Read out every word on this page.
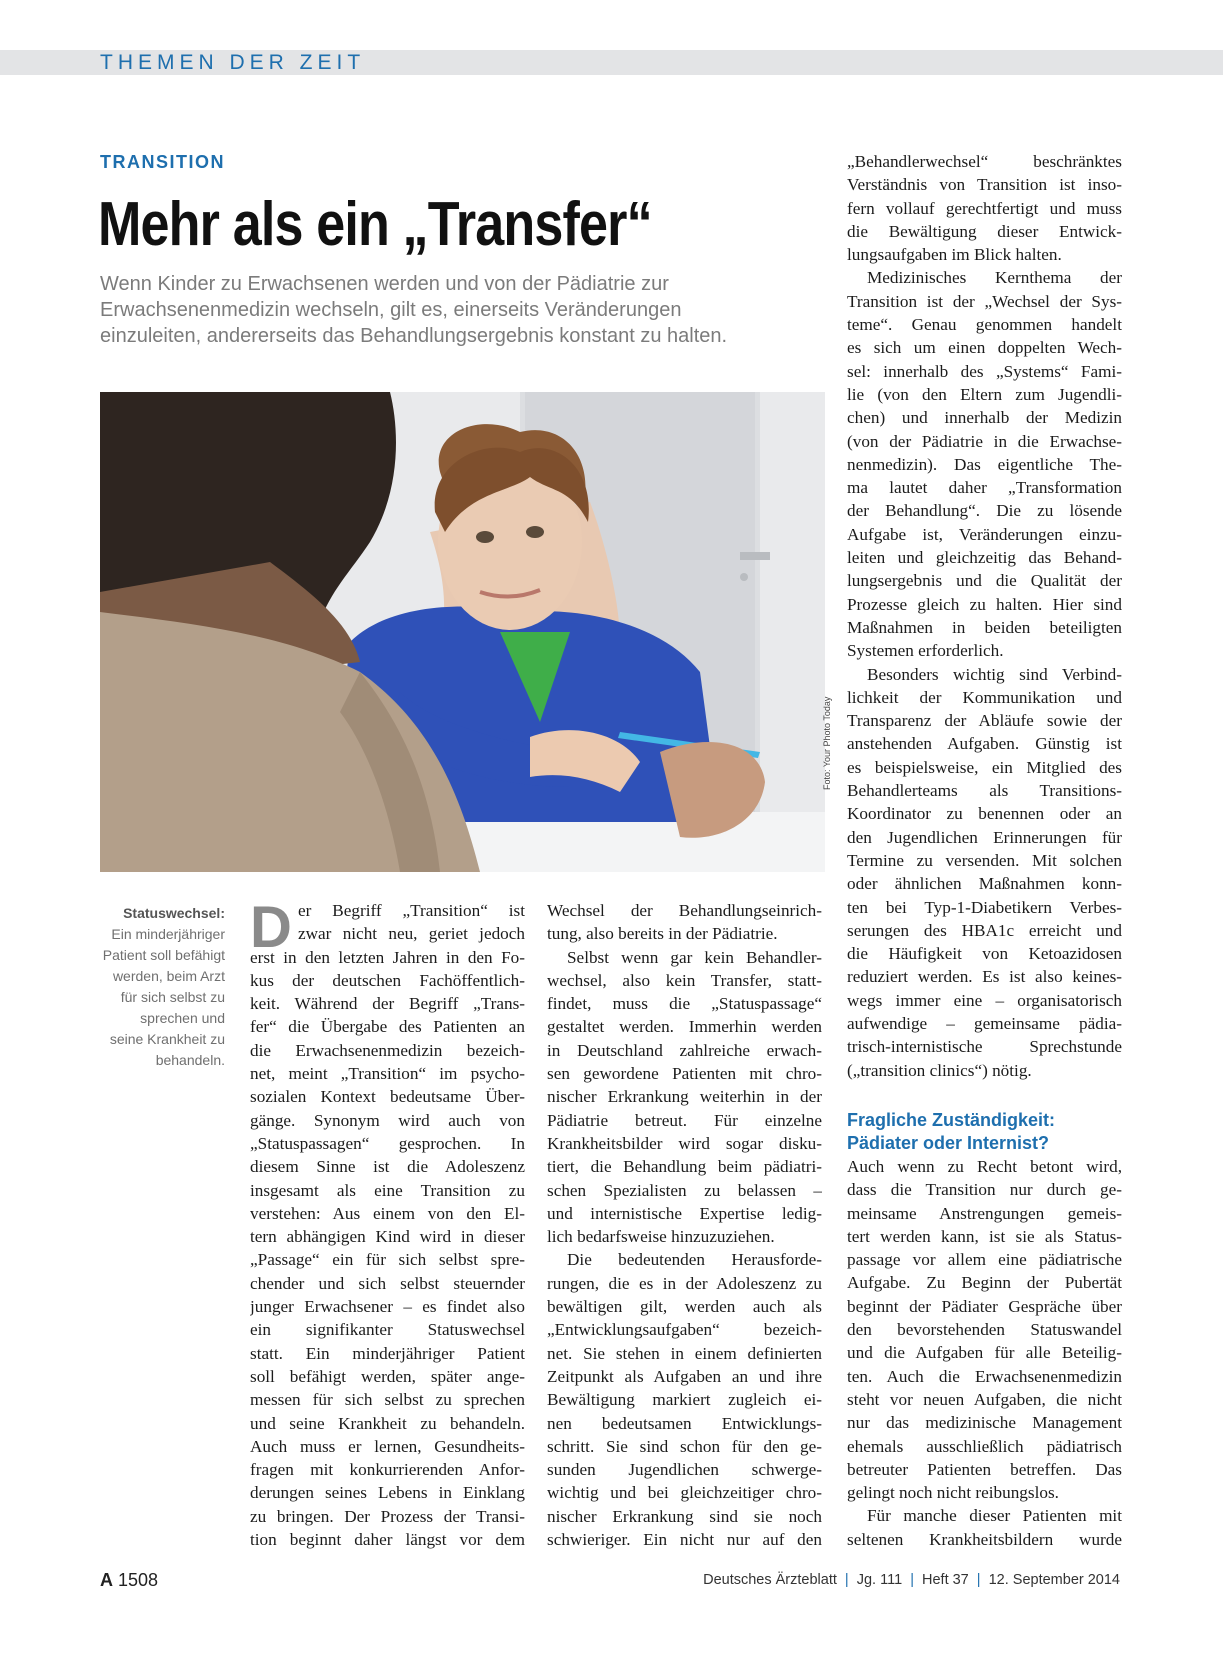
THEMEN DER ZEIT
TRANSITION
Mehr als ein „Transfer“

Wenn Kinder zu Erwachsenen werden und von der Pädiatrie zur
Erwachsenenmedizin wechseln, gilt es, einerseits Veränderungen
einzuleiten, andererseits das Behandlungsergebnis konstant zu halten.

Foto: Your Photo Today
Statuswechsel:
Ein minderjähriger
Patient soll befähigt
werden, beim Arzt
für sich selbst zu
sprechen und
seine Krankheit zu
behandeln.
D er Begriff „Transition“ ist
zwar nicht neu, geriet jedoch
erst in den letzten Jahren in den Fo-
kus der deutschen Fachöffentlich-
keit. Während der Begriff „Trans-
fer“ die Übergabe des Patienten an
die Erwachsenenmedizin bezeich-
net, meint „Transition“ im psycho-
sozialen Kontext bedeutsame Über-
gänge. Synonym wird auch von
„Statuspassagen“ gesprochen. In
diesem Sinne ist die Adoleszenz
insgesamt als eine Transition zu
verstehen: Aus einem von den El-
tern abhängigen Kind wird in dieser
„Passage“ ein für sich selbst spre-
chender und sich selbst steuernder
junger Erwachsener – es findet also
ein signifikanter Statuswechsel
statt. Ein minderjähriger Patient
soll befähigt werden, später ange-
messen für sich selbst zu sprechen
und seine Krankheit zu behandeln.
Auch muss er lernen, Gesundheits-
fragen mit konkurrierenden Anfor-
derungen seines Lebens in Einklang
zu bringen. Der Prozess der Transi-
tion beginnt daher längst vor dem
Wechsel der Behandlungseinrich-
tung, also bereits in der Pädiatrie.
Selbst wenn gar kein Behandler-
wechsel, also kein Transfer, statt-
findet, muss die „Statuspassage“
gestaltet werden. Immerhin werden
in Deutschland zahlreiche erwach-
sen gewordene Patienten mit chro-
nischer Erkrankung weiterhin in der
Pädiatrie betreut. Für einzelne
Krankheitsbilder wird sogar disku-
tiert, die Behandlung beim pädiatri-
schen Spezialisten zu belassen –
und internistische Expertise ledig-
lich bedarfsweise hinzuzuziehen.
Die bedeutenden Herausforde-
rungen, die es in der Adoleszenz zu
bewältigen gilt, werden auch als
„Entwicklungsaufgaben“ bezeich-
net. Sie stehen in einem definierten
Zeitpunkt als Aufgaben an und ihre
Bewältigung markiert zugleich ei-
nen bedeutsamen Entwicklungs-
schritt. Sie sind schon für den ge-
sunden Jugendlichen schwerge-
wichtig und bei gleichzeitiger chro-
nischer Erkrankung sind sie noch
schwieriger. Ein nicht nur auf den
„Behandlerwechsel“ beschränktes
Verständnis von Transition ist inso-
fern vollauf gerechtfertigt und muss
die Bewältigung dieser Entwick-
lungsaufgaben im Blick halten.
Medizinisches Kernthema der
Transition ist der „Wechsel der Sys-
teme“. Genau genommen handelt
es sich um einen doppelten Wech-
sel: innerhalb des „Systems“ Fami-
lie (von den Eltern zum Jugendli-
chen) und innerhalb der Medizin
(von der Pädiatrie in die Erwachse-
nenmedizin). Das eigentliche The-
ma lautet daher „Transformation
der Behandlung“. Die zu lösende
Aufgabe ist, Veränderungen einzu-
leiten und gleichzeitig das Behand-
lungsergebnis und die Qualität der
Prozesse gleich zu halten. Hier sind
Maßnahmen in beiden beteiligten
Systemen erforderlich.
Besonders wichtig sind Verbind-
lichkeit der Kommunikation und
Transparenz der Abläufe sowie der
anstehenden Aufgaben. Günstig ist
es beispielsweise, ein Mitglied des
Behandlerteams als Transitions-
Koordinator zu benennen oder an
den Jugendlichen Erinnerungen für
Termine zu versenden. Mit solchen
oder ähnlichen Maßnahmen konn-
ten bei Typ-1-Diabetikern Verbes-
serungen des HBA1c erreicht und
die Häufigkeit von Ketoazidosen
reduziert werden. Es ist also keines-
wegs immer eine – organisatorisch
aufwendige – gemeinsame pädia-
trisch-internistische Sprechstunde
(„transition clinics“) nötig.
Fragliche Zuständigkeit:
Pädiater oder Internist?
Auch wenn zu Recht betont wird,
dass die Transition nur durch ge-
meinsame Anstrengungen gemeis-
tert werden kann, ist sie als Status-
passage vor allem eine pädiatrische
Aufgabe. Zu Beginn der Pubertät
beginnt der Pädiater Gespräche über
den bevorstehenden Statuswandel
und die Aufgaben für alle Beteilig-
ten. Auch die Erwachsenenmedizin
steht vor neuen Aufgaben, die nicht
nur das medizinische Management
ehemals ausschließlich pädiatrisch
betreuter Patienten betreffen. Das
gelingt noch nicht reibungslos.
Für manche dieser Patienten mit
seltenen Krankheitsbildern wurde
A 1508	Deutsches Ärzteblatt | Jg. 111 | Heft 37 | 12. September 2014
